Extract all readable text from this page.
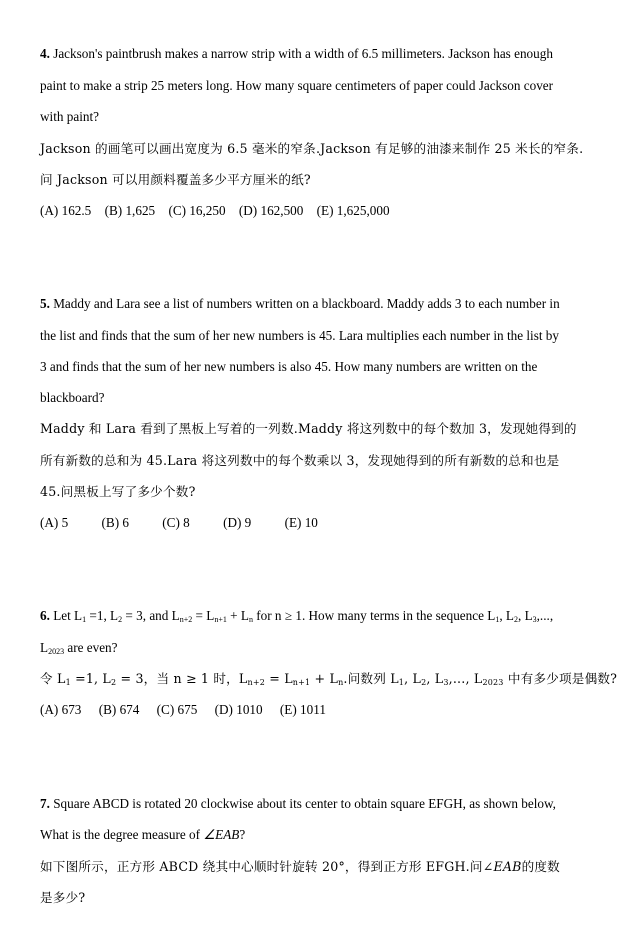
4. Jackson's paintbrush makes a narrow strip with a width of 6.5 millimeters. Jackson has enough
paint to make a strip 25 meters long. How many square centimeters of paper could Jackson cover
with paint?
Jackson 的画笔可以画出宽度为 6.5 毫米的窄条.Jackson 有足够的油漆来制作 25 米长的窄条.
问 Jackson 可以用颜料覆盖多少平方厘米的纸?
(A) 162.5 (B) 1,625 (C) 16,250 (D) 162,500 (E) 1,625,000
5. Maddy and Lara see a list of numbers written on a blackboard. Maddy adds 3 to each number in
the list and finds that the sum of her new numbers is 45. Lara multiplies each number in the list by
3 and finds that the sum of her new numbers is also 45. How many numbers are written on the
blackboard?
Maddy 和 Lara 看到了黑板上写着的一列数.Maddy 将这列数中的每个数加 3，发现她得到的
所有新数的总和为 45.Lara 将这列数中的每个数乘以 3，发现她得到的所有新数的总和也是
45.问黑板上写了多少个数?
(A) 5	(B) 6	(C) 8	(D) 9	(E) 10
6. Let $L_1 =1$, $L_2 = 3$, and $L_{n+2} = L_{n+1} + L_n$ for n ≥ 1. How many terms in the sequence $L_1$, $L_2$, $L_3$,...,
$L_{2023}$ are even?
令 $L_1 =1$, $L_2 = 3$，当 n ≥ 1 时，$L_{n+2} = L_{n+1} + L_n$.问数列 $L_1$, $L_2$, $L_3$,..., $L_{2023}$ 中有多少项是偶数?
(A) 673 (B) 674 (C) 675 (D) 1010 (E) 1011
7. Square ABCD is rotated 20 clockwise about its center to obtain square EFGH, as shown below,
What is the degree measure of ∠EAB?
如下图所示，正方形 ABCD 绕其中心顺时针旋转 20°，得到正方形 EFGH.问∠EAB的度数
是多少?
